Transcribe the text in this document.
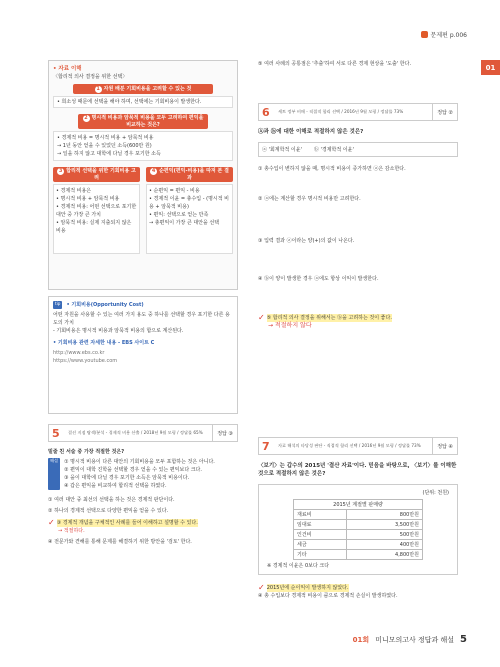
문제편 p.006
01
• 자료 이해
〈합리적 의사 결정을 위한 선택〉
1 자원 배분 기회비용을 고려할 수 있는 것
• 희소성 때문에 선택을 해야 하며, 선택에는 기회비용이 발생한다.
2 명시적 비용과 암묵적 비용을 모두 고려하여 편익을 비교하는 것은?
• 경제적 비용 = 명시적 비용 + 암묵적 비용
→ 1년 동안 얻을 수 있었던 소득(600만 원)
→ 일을 하지 않고 대학에 다닐 경우 포기한 소득
3 합리적 선택을 위한 기회비용 고려
• 경제적 비용은
• 명시적 비용 + 암묵적 비용
• 경제적 비용: 어떤 선택으로 포기한 대안 중 가장 큰 가치
• 암묵적 비용: 실제 지출되지 않은 비용
4 순편익(편익-비용)을 따져 본 결과
• 순편익 = 편익 - 비용
• 경제적 이윤 = 총수입 - (명시적 비용 + 암묵적 비용)
• 편익: 선택으로 얻는 만족
→ 총편익이 가장 큰 대안을 선택
tip	• 기회비용(Opportunity Cost)
어떤 자원을 사용할 수 있는 여러 가지 용도 중 하나를 선택할 경우 포기한 다른 용도의 가치
- 기회비용은 명시적 비용과 암묵적 비용의 합으로 계산된다.
• 기회비용 관련 자세한 내용 - EBS 사이트 C
http://www.ebs.co.kr
https://www.youtube.com
5	결선 지점 탐색/분석 - 경제적 비용 산출 / 2018년 9월 모평 / 정답률 65%	정답 ③
밑줄 친 서술 중 가장 적절한 것은?
해설	① 명시적 비용이 다른 대안의 기회비용을 모두 포함하는 것은 아니다.
② 편익이 대학 진학을 선택할 경우 얻을 수 있는 편익보다 크다.
③ 을이 대학에 다닐 경우 포기한 소득은 암묵적 비용이다.
④ 갑은 편익을 비교하여 합리적 선택을 하였다.
① 여러 대안 중 최선의 선택을 하는 것은 경제적 판단이다.
② 하나의 경제적 선택으로 다양한 편익을 얻을 수 있다.
✓ ③ 경제적 개념을 구체적인 사례를 들어 이해하고 설명할 수 있다.
→ 적절하다.
④ 전문가와 견해를 통해 문제를 해결하기 위한 방안을 '검토' 한다.
⑤ 여러 사례의 공통점은 '추출'하여 서로 다른 경제 현상을 '도출' 한다.
6	세트 정부 비매 - 직접적 합리 선택 / 2016년 9월 모평 / 정답률 73%	정답 ②
ⓐ과 ⓑ에 대한 이해로 적절하지 않은 것은?
ⓐ '회계학적 이윤' ⓑ '경제학적 이윤'
① 총수입이 변하지 않을 때, 명시적 비용이 증가하면 ⓐ은 감소한다.
② ⓐ에는 계산할 경우 명시적 비용만 고려한다.
③ 입력 결과 ⓐ이라는 양(+)의 값이 나온다.
④ ⓑ이 양이 발생한 경우 ⓐ에도 항상 이익이 발생한다.
✓ ⑤ 합리적 의사 결정을 위해서는 ⓑ을 고려하는 것이 좋다.
→ 적절하지 않다
7	자료 해석의 타당성 판단 - 직접적 합리 선택 / 2016년 9월 모평 / 정답률 73%	정답 ④
〈보기〉는 갑수의 2015년 '결산 자료'이다. 믿음을 바탕으로, 〈보기〉를 이해한 것으로 적절하지 않은 것은?
(단위: 천원)
2015년 계절별 판매량	
재료비	800만원
임대료	3,500만원
인건비	500만원
세금	400만원
기타	4,800만원
※ 경제적 이윤은 0보다 크다
✓ 2015년에 순이익이 발생하지 않았다.
④ 총 수입보다 경제적 비용이 큼으로 경제적 손실이 발생하였다.
01회 미니모의고사 정답과 해설 5
